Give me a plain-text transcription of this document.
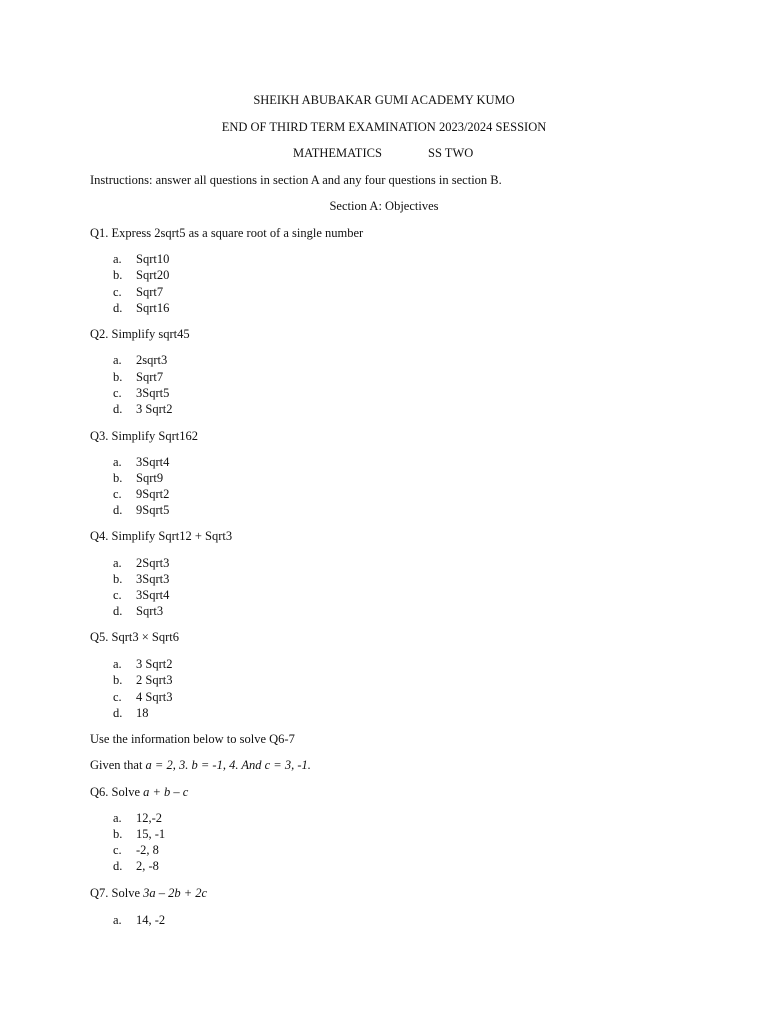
SHEIKH ABUBAKAR GUMI ACADEMY KUMO
END OF THIRD TERM EXAMINATION 2023/2024 SESSION
MATHEMATICS	SS TWO
Instructions: answer all questions in section A and any four questions in section B.
Section A: Objectives
Q1. Express 2sqrt5 as a square root of a single number
a. Sqrt10
b. Sqrt20
c. Sqrt7
d. Sqrt16
Q2. Simplify sqrt45
a. 2sqrt3
b. Sqrt7
c. 3Sqrt5
d. 3 Sqrt2
Q3. Simplify Sqrt162
a. 3Sqrt4
b. Sqrt9
c. 9Sqrt2
d. 9Sqrt5
Q4. Simplify Sqrt12 + Sqrt3
a. 2Sqrt3
b. 3Sqrt3
c. 3Sqrt4
d. Sqrt3
Q5. Sqrt3 × Sqrt6
a. 3 Sqrt2
b. 2 Sqrt3
c. 4 Sqrt3
d. 18
Use the information below to solve Q6-7
Given that a = 2, 3. b = -1, 4. And c = 3, -1.
Q6. Solve a + b – c
a. 12,-2
b. 15, -1
c. -2, 8
d. 2, -8
Q7. Solve 3a – 2b + 2c
a. 14, -2
